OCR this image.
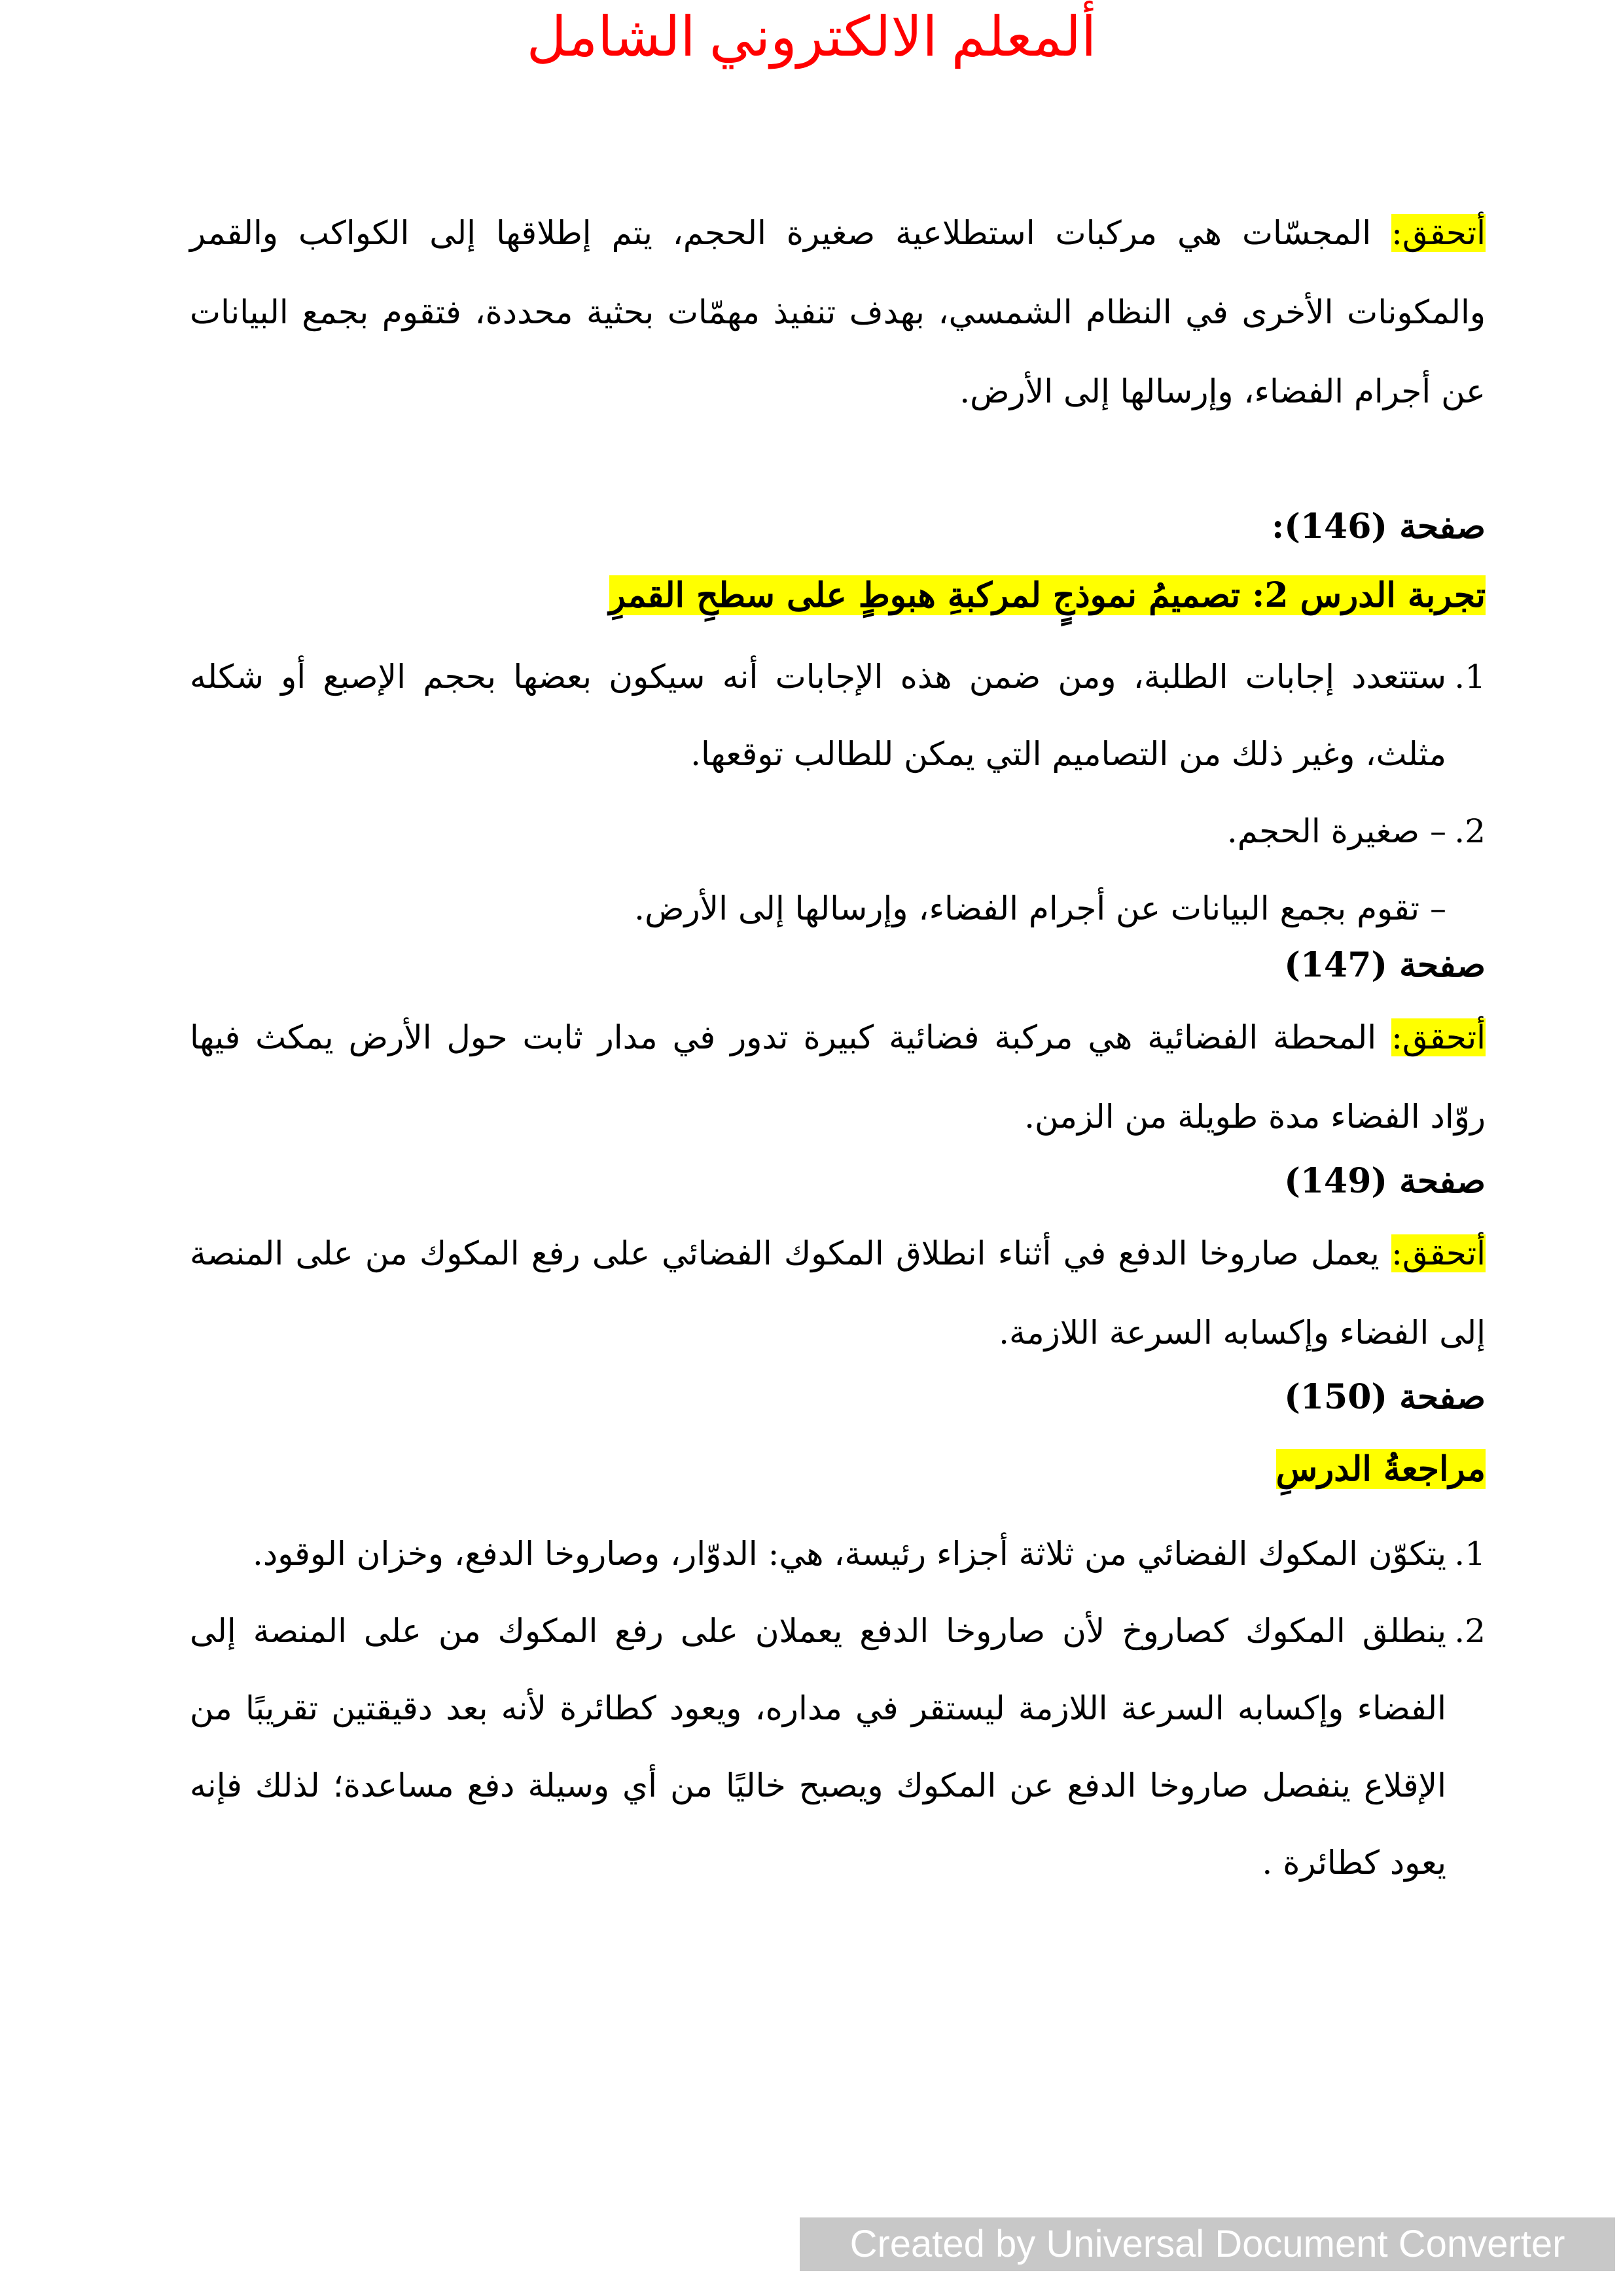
ألمعلم الالكتروني الشامل
أتحقق: المجسّات هي مركبات استطلاعية صغيرة الحجم، يتم إطلاقها إلى الكواكب والقمر والمكونات الأخرى في النظام الشمسي، بهدف تنفيذ مهمّات بحثية محددة، فتقوم بجمع البيانات عن أجرام الفضاء، وإرسالها إلى الأرض.
صفحة (146):
تجربة الدرس 2: تصميمُ نموذجٍ لمركبةِ هبوطٍ على سطحِ القمرِ
1.
ستتعدد إجابات الطلبة، ومن ضمن هذه الإجابات أنه سيكون بعضها بحجم الإصبع أو شكله مثلث، وغير ذلك من التصاميم التي يمكن للطالب توقعها.
2.
– صغيرة الحجم.
– تقوم بجمع البيانات عن أجرام الفضاء، وإرسالها إلى الأرض.
صفحة (147)
أتحقق: المحطة الفضائية هي مركبة فضائية كبيرة تدور في مدار ثابت حول الأرض يمكث فيها روّاد الفضاء مدة طويلة من الزمن.
صفحة (149)
أتحقق: يعمل صاروخا الدفع في أثناء انطلاق المكوك الفضائي على رفع المكوك من على المنصة إلى الفضاء وإكسابه السرعة اللازمة.
صفحة (150)
مراجعةُ الدرسِ
1.
يتكوّن المكوك الفضائي من ثلاثة أجزاء رئيسة، هي: الدوّار، وصاروخا الدفع، وخزان الوقود.
2.
ينطلق المكوك كصاروخ لأن صاروخا الدفع يعملان على رفع المكوك من على المنصة إلى الفضاء وإكسابه السرعة اللازمة ليستقر في مداره، ويعود كطائرة لأنه بعد دقيقتين تقريبًا من الإقلاع ينفصل صاروخا الدفع عن المكوك ويصبح خاليًا من أي وسيلة دفع مساعدة؛ لذلك فإنه يعود كطائرة .
Created by Universal Document Converter
